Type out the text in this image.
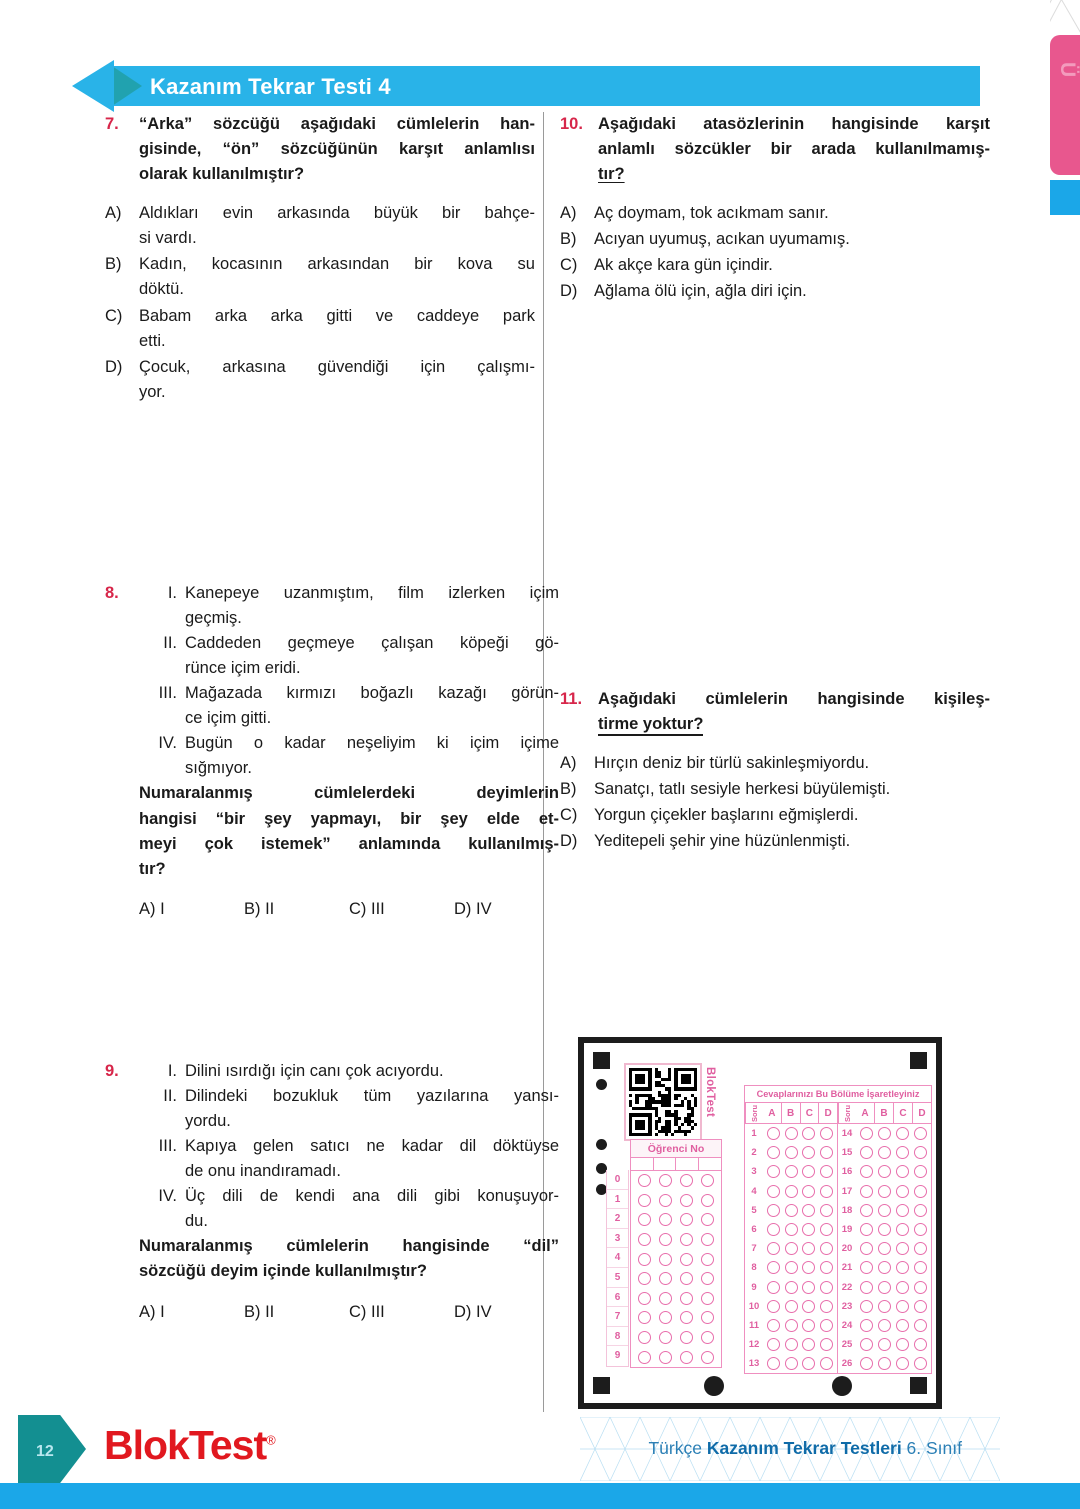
Ü
Kazanım Tekrar Testi 4
7.	“Arka” sözcüğü aşağıdaki cümlelerin han-
gisinde, “ön” sözcüğünün karşıt anlamlısı
olarak kullanılmıştır?
A)	Aldıkları evin arkasında büyük bir bahçe-
si vardı.
B)	Kadın, kocasının arkasından bir kova su
döktü.
C)	Babam arka arka gitti ve caddeye park
etti.
D)	Çocuk, arkasına güvendiği için çalışmı-
yor.
8.	I. Kanepeye uzanmıştım, film izlerken içim
geçmiş.
II. Caddeden geçmeye çalışan köpeği gö-
rünce içim eridi.
III. Mağazada kırmızı boğazlı kazağı görün-
ce içim gitti.
IV. Bugün o kadar neşeliyim ki içim içime
sığmıyor.
Numaralanmış cümlelerdeki deyimlerin
hangisi “bir şey yapmayı, bir şey elde et-
meyi çok istemek” anlamında kullanılmış-
tır?
A) I	B) II	C) III	D) IV
9.	I. Dilini ısırdığı için canı çok acıyordu.
II. Dilindeki bozukluk tüm yazılarına yansı-
yordu.
III. Kapıya gelen satıcı ne kadar dil döktüyse
de onu inandıramadı.
IV. Üç dili de kendi ana dili gibi konuşuyor-
du.
Numaralanmış cümlelerin hangisinde “dil”
sözcüğü deyim içinde kullanılmıştır?
A) I	B) II	C) III	D) IV
10. Aşağıdaki atasözlerinin hangisinde karşıt
anlamlı sözcükler bir arada kullanılmamış-
tır?
A)	Aç doymam, tok acıkmam sanır.
B)	Acıyan uyumuş, acıkan uyumamış.
C)	Ak akçe kara gün içindir.
D)	Ağlama ölü için, ağla diri için.
11. Aşağıdaki cümlelerin hangisinde kişileş-
tirme yoktur?
A)	Hırçın deniz bir türlü sakinleşmiyordu.
B)	Sanatçı, tatlı sesiyle herkesi büyülemişti.
C)	Yorgun çiçekler başlarını eğmişlerdi.
D)	Yeditepeli şehir yine hüzünlenmişti.
BlokTest
Öğrenci No
0
1
2
3
4
5
6
7
8
9
Cevaplarınızı Bu Bölüme İşaretleyiniz
Soru A	B	C	D
1
2
3
4
5
6
7
8
9
10
11
12
13
Soru A	B	C	D
14
15
16
17
18
19
20
21
22
23
24
25
26
12 BlokTest®	Türkçe Kazanım Tekrar Testleri 6. Sınıf
